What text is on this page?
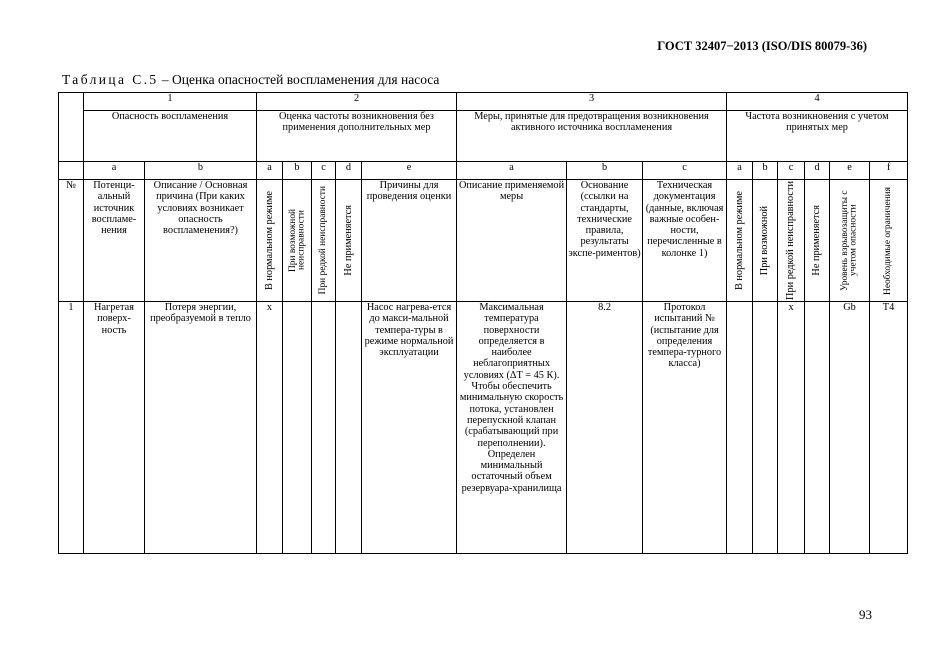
ГОСТ 32407−2013 (ISO/DIS 80079-36)
Таблица С.5 – Оценка опасностей воспламенения для насоса
	1		2					3			4					
	Опасность воспламенения		Оценка частоты возникновения без применения дополнительных мер					Меры, принятые для предотвращения возникновения активного источника воспламенения			Частота возникновения с учетом принятых мер					
	a	b	a	b	c	d	e	a	b	c	a	b	c	d	e	f
№	Потенци-альный источник воспламе-нения	Описание / Основная причина (При каких условиях возникает опасность воспламенения?)	В нормальном режиме	При возможной неисправности	При редкой неисправности	Не применяется	Причины для проведения оценки	Описание применяемой меры	Основание (ссылки на стандарты, технические правила, результаты экспе-риментов)	Техническая документация (данные, включая важные особен-ности, перечисленные в колонке 1)	В нормальном режиме	При возможной	При редкой неисправности	Не применяется	Уровень взрывозащиты с учетом опасности	Необходимые ограничения

1	Нагретая поверх-ность	Потеря энергии, преобразуемой в тепло	x				Насос нагрева-ется до макси-мальной темпера-туры в режиме нормальной эксплуатации	Максимальная температура поверхности определяется в наиболее неблагоприятных условиях (ΔT = 45 К). Чтобы обеспечить минимальную скорость потока, установлен перепускной клапан (срабатывающий при переполнении). Определен минимальный остаточный объем резервуара-хранилища	8.2	Протокол испытаний № (испытание для определения темпера-турного класса)			x		Gb	T4
93
